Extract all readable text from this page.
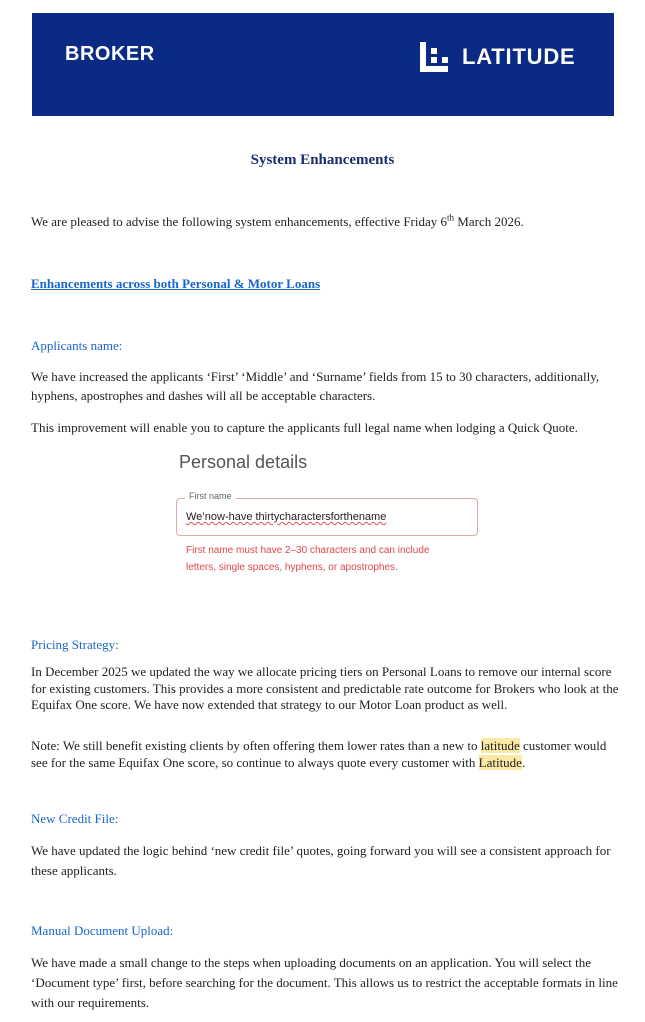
BROKER	LATITUDE
System Enhancements
We are pleased to advise the following system enhancements, effective Friday 6th March 2026.
Enhancements across both Personal & Motor Loans
Applicants name:
We have increased the applicants ‘First’ ‘Middle’ and ‘Surname’ fields from 15 to 30 characters, additionally, hyphens, apostrophes and dashes will all be acceptable characters.
This improvement will enable you to capture the applicants full legal name when lodging a Quick Quote.
Personal details
First name
We’now-have thirtycharactersforthename
First name must have 2–30 characters and can include
letters, single spaces, hyphens, or apostrophes.
Pricing Strategy:
In December 2025 we updated the way we allocate pricing tiers on Personal Loans to remove our internal score for existing customers. This provides a more consistent and predictable rate outcome for Brokers who look at the Equifax One score. We have now extended that strategy to our Motor Loan product as well.
Note: We still benefit existing clients by often offering them lower rates than a new to latitude customer would see for the same Equifax One score, so continue to always quote every customer with Latitude.
New Credit File:
We have updated the logic behind ‘new credit file’ quotes, going forward you will see a consistent approach for these applicants.
Manual Document Upload:
We have made a small change to the steps when uploading documents on an application. You will select the ‘Document type’ first, before searching for the document. This allows us to restrict the acceptable formats in line with our requirements.
